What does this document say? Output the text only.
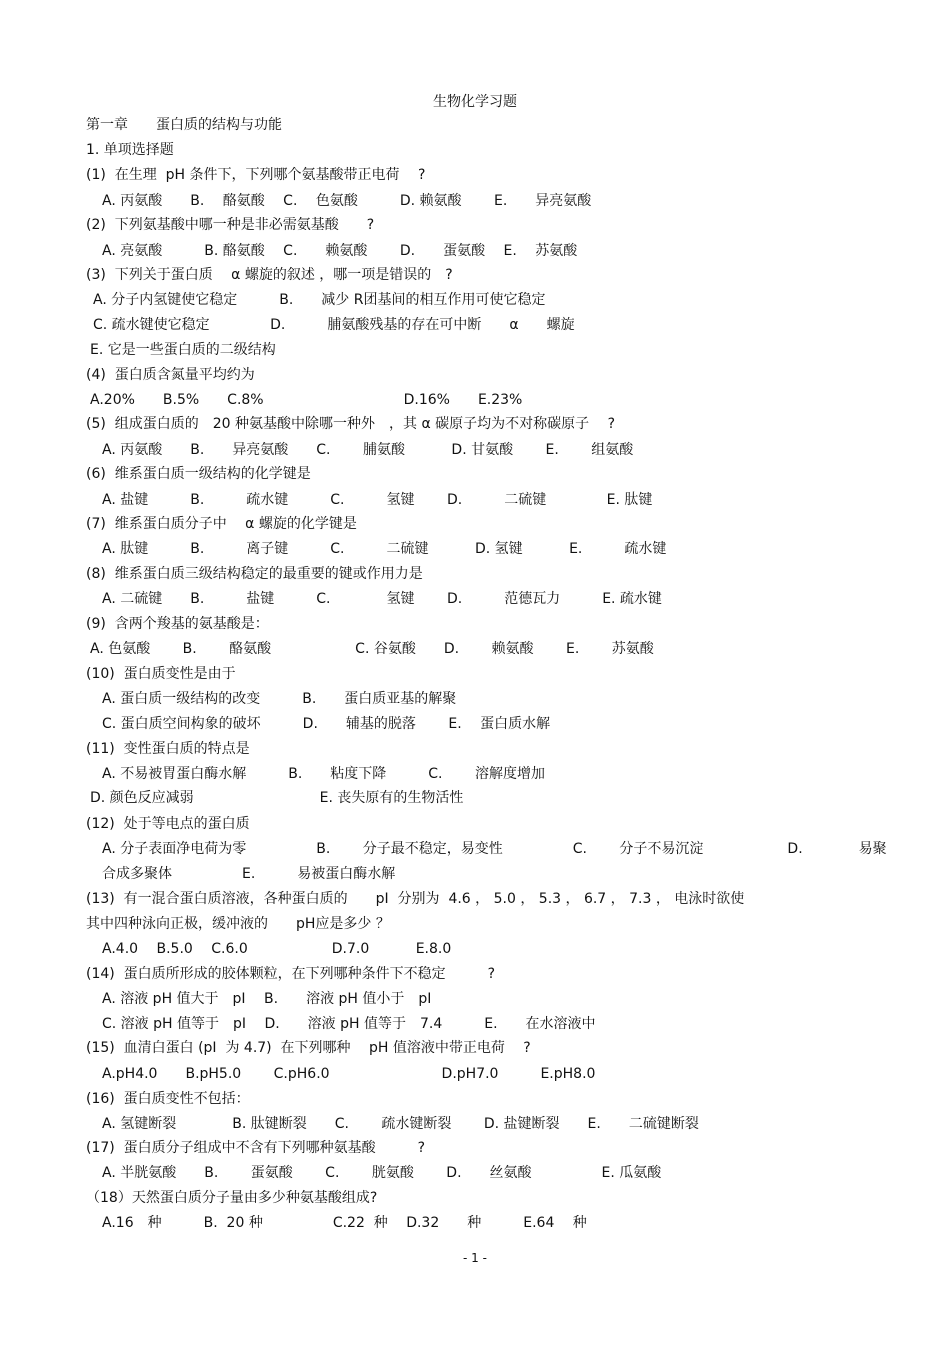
生物化学习题
第一章　　蛋白质的结构与功能
1. 单项选择题
(1)  在生理  pH 条件下，下列哪个氨基酸带正电荷　 ?
A. 丙氨酸　　B.　 酪氨酸　 C.　 色氨酸　　　D. 赖氨酸　　 E.　　异亮氨酸
(2)  下列氨基酸中哪一种是非必需氨基酸　　?
A. 亮氨酸　　　B. 酪氨酸　 C.　　赖氨酸　　 D.　　蛋氨酸　 E.　 苏氨酸
(3)  下列关于蛋白质　 α 螺旋的叙述 ，哪一项是错误的　?
A. 分子内氢键使它稳定　　　B.　　减少 R团基间的相互作用可使它稳定
C. 疏水键使它稳定　　　　 D.　　　脯氨酸残基的存在可中断　　α　　螺旋
E. 它是一些蛋白质的二级结构
(4)  蛋白质含氮量平均约为
A.20%　　B.5%　　C.8%　　　　　　　　　　D.16%　　E.23%
(5)  组成蛋白质的　20 种氨基酸中除哪一种外　，其 α 碳原子均为不对称碳原子　 ?
A. 丙氨酸　　B.　　异亮氨酸　　C.　　 脯氨酸　　　 D. 甘氨酸　　 E.　　 组氨酸
(6)  维系蛋白质一级结构的化学键是
A. 盐键　　　B.　　　疏水键　　　C.　　　氢键　　 D.　　　二硫键　　　　 E. 肽键
(7)  维系蛋白质分子中　 α 螺旋的化学键是
A. 肽键　　　B.　　　离子键　　　C.　　　二硫键　　　 D. 氢键　　　 E.　　　疏水键
(8)  维系蛋白质三级结构稳定的最重要的键或作用力是
A. 二硫键　　B.　　　盐键　　　C.　　　　氢键　　 D.　　　范德瓦力　　　E. 疏水键
(9)  含两个羧基的氨基酸是：
A. 色氨酸　　 B.　　 酪氨酸　　　　　　C. 谷氨酸　　D.　　 赖氨酸　　 E.　　 苏氨酸
(10)  蛋白质变性是由于
A. 蛋白质一级结构的改变　　　B.　　蛋白质亚基的解聚
C. 蛋白质空间构象的破坏　　　D.　　辅基的脱落　　 E.　 蛋白质水解
(11)  变性蛋白质的特点是
A. 不易被胃蛋白酶水解　　　B.　　粘度下降　　　C.　　 溶解度增加
D. 颜色反应减弱　　　　　　　　　E. 丧失原有的生物活性
(12)  处于等电点的蛋白质
A. 分子表面净电荷为零　　　　　B.　　 分子最不稳定，易变性　　　　　C.　　 分子不易沉淀　　　　　　D.　　　　易聚
合成多聚体　　　　　E.　　　易被蛋白酶水解
(13)  有一混合蛋白质溶液，各种蛋白质的　　pI  分别为  4.6 ， 5.0 ， 5.3 ， 6.7 ， 7.3 ， 电泳时欲使
其中四种泳向正极，缓冲液的　　pH应是多少 ？
A.4.0　 B.5.0　 C.6.0　　　　　　D.7.0　　　 E.8.0
(14)  蛋白质所形成的胶体颗粒，在下列哪种条件下不稳定　　　?
A. 溶液 pH 值大于　pI　 B.　　溶液 pH 值小于　pI
C. 溶液 pH 值等于　pI　 D.　　溶液 pH 值等于　7.4　　　E.　　在水溶液中
(15)  血清白蛋白 (pI  为 4.7)  在下列哪种　 pH 值溶液中带正电荷　 ?
A.pH4.0　　B.pH5.0　　 C.pH6.0　　　　　　　　D.pH7.0　　　E.pH8.0
(16)  蛋白质变性不包括：
A. 氢键断裂　　　　B. 肽键断裂　　C.　　 疏水键断裂　　 D. 盐键断裂　　E.　　二硫键断裂
(17)  蛋白质分子组成中不含有下列哪种氨基酸　　　?
A. 半胱氨酸　　B.　　 蛋氨酸　　 C.　　 胱氨酸　　 D.　　丝氨酸　　　　　E. 瓜氨酸
（18）天然蛋白质分子量由多少种氨基酸组成?
A.16　种　　　B.  20 种　　　　　C.22  种　 D.32　　种　　　E.64　 种
- 1 -
